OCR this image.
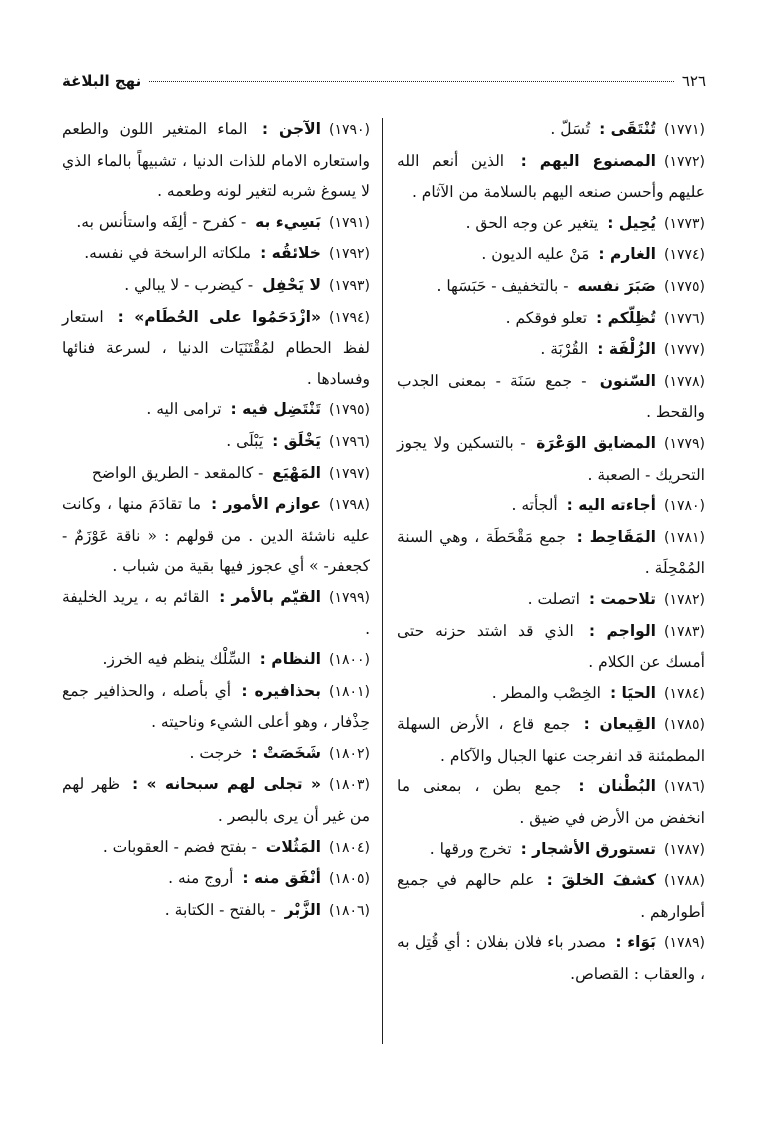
٦٢٦
نهج البلاغة

(١٧٧١)تُنْتَقَى : تُسَلّ .

(١٧٧٢)المصنوع اليهم : الذين أنعم الله عليهم وأحسن صنعه اليهم بالسلامة من الآثام .

(١٧٧٣)يُحِيل : يتغير عن وجه الحق .

(١٧٧٤)الغارم : مَنْ عليه الديون .

(١٧٧٥)صَبَرَ نفسه - بالتخفيف - حَبَسَها .

(١٧٧٦)تُظِلّكم : تعلو فوقكم .

(١٧٧٧)الزُلْفَة : القُرْبَة .

(١٧٧٨)السّنون - جمع سَنَة - بمعنى الجدب والقحط .

(١٧٧٩)المضايق الوَعْرَة - بالتسكين ولا يجوز التحريك - الصعبة .

(١٧٨٠)أجاءته اليه : ألجأته .

(١٧٨١)المَقَاحِط : جمع مَقْحَطَة ، وهي السنة المُمْحِلَة .

(١٧٨٢)تلاحمت : اتصلت .

(١٧٨٣)الواجم : الذي قد اشتد حزنه حتى أمسك عن الكلام .

(١٧٨٤)الحيَا : الخِصْب والمطر .

(١٧٨٥)القِيعان : جمع قاع ، الأرض السهلة المطمئنة قد انفرجت عنها الجبال والآكام .

(١٧٨٦)البُطْنان : جمع بطن ، بمعنى ما انخفض من الأرض في ضيق .

(١٧٨٧)تستورق الأشجار : تخرج ورقها .

(١٧٨٨)كشفَ الخلقَ : علم حالهم في جميع أطوارهم .

(١٧٨٩)بَوَاء : مصدر باء فلان بفلان : أي قُتِل به ، والعقاب : القصاص.

(١٧٩٠)الآجن : الماء المتغير اللون والطعم واستعاره الامام للذات الدنيا ، تشبيهاً بالماء الذي لا يسوغ شربه لتغير لونه وطعمه .

(١٧٩١)بَسِيء به - كفرح - ألِفَه واستأنس به.

(١٧٩٢)خلائقُه : ملكاته الراسخة في نفسه.

(١٧٩٣)لا يَحْفِل - كيضرب - لا يبالي .

(١٧٩٤)«ازْدَحَمُوا على الحُطَام» : استعار لفظ الحطام لمُقْتَنَيَات الدنيا ، لسرعة فنائها وفسادها .

(١٧٩٥)تَنْتَضِل فيه : ترامى اليه .

(١٧٩٦)يَخْلَق : يَبْلَى .

(١٧٩٧)المَهْيَع - كالمقعد - الطريق الواضح

(١٧٩٨)عوازم الأمور : ما تقادَمَ منها ، وكانت عليه ناشئة الدين . من قولهم : « ناقة عَوْزَمٌ - كجعفر- » أي عجوز فيها بقية من شباب .

(١٧٩٩)القيّم بالأمر : القائم به ، يريد الخليفة .

(١٨٠٠)النظام : السِّلْك ينظم فيه الخرز.

(١٨٠١)بحذافيره : أي بأصله ، والحذافير جمع حِذْفار ، وهو أعلى الشيء وناحيته .

(١٨٠٢)شَخَصَتْ : خرجت .

(١٨٠٣)« تجلى لهم سبحانه » : ظهر لهم من غير أن يرى بالبصر .

(١٨٠٤)المَثُلات - بفتح فضم - العقوبات .

(١٨٠٥)أنْفَق منه : أروج منه .

(١٨٠٦)الزَّبْر - بالفتح - الكتابة .
